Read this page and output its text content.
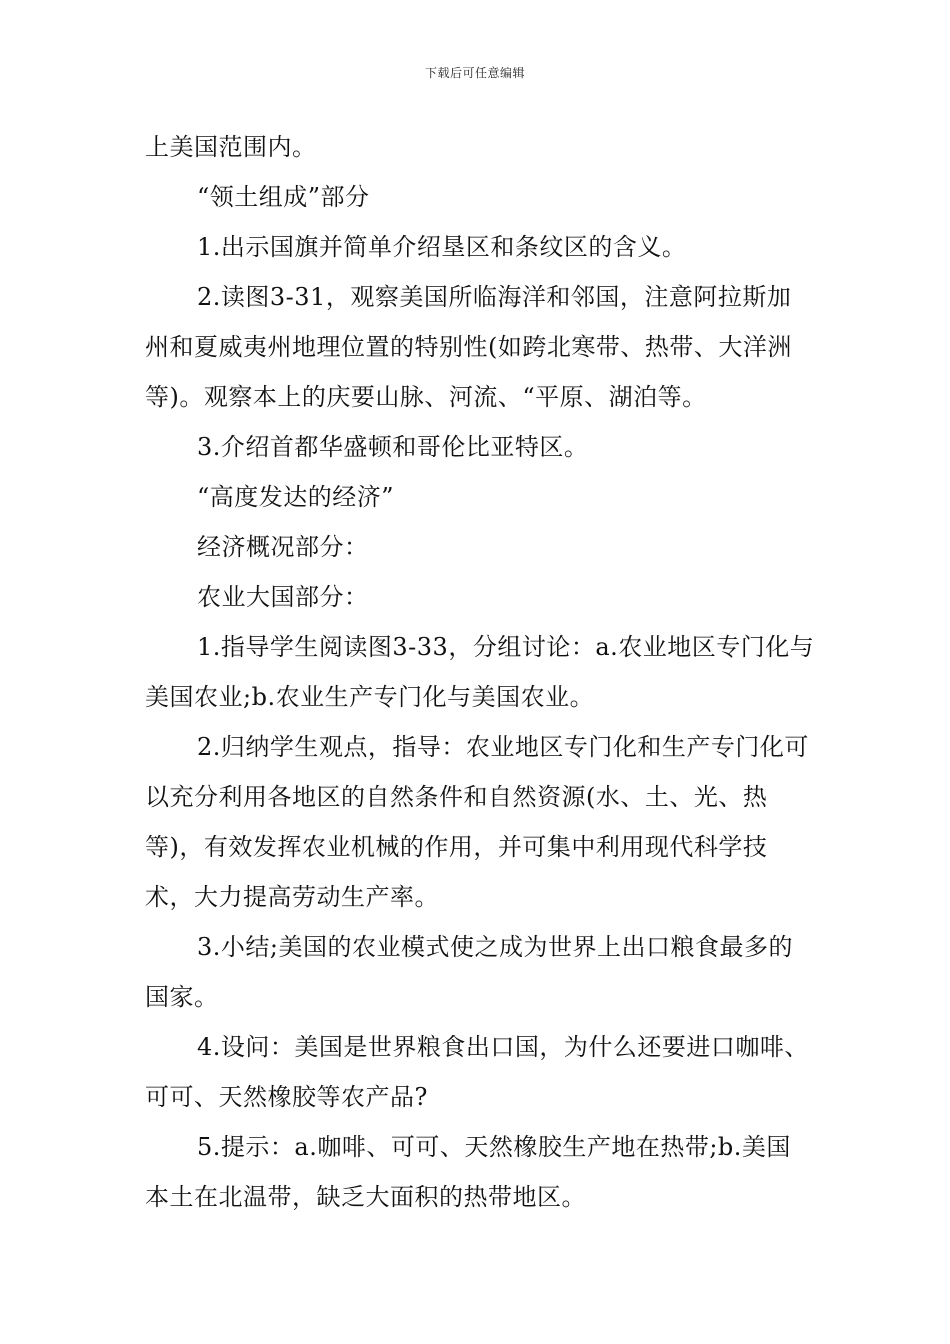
下载后可任意编辑

上美国范围内。

“领土组成”部分

1.出示国旗并简单介绍垦区和条纹区的含义。

2.读图3-31，观察美国所临海洋和邻国，注意阿拉斯加州和夏威夷州地理位置的特别性(如跨北寒带、热带、大洋洲等)。观察本上的庆要山脉、河流、“平原、湖泊等。

3.介绍首都华盛顿和哥伦比亚特区。

“高度发达的经济”

经济概况部分：

农业大国部分：

1.指导学生阅读图3-33，分组讨论：a.农业地区专门化与美国农业;b.农业生产专门化与美国农业。

2.归纳学生观点，指导：农业地区专门化和生产专门化可以充分利用各地区的自然条件和自然资源(水、土、光、热等)，有效发挥农业机械的作用，并可集中利用现代科学技术，大力提高劳动生产率。

3.小结;美国的农业模式使之成为世界上出口粮食最多的国家。

4.设问：美国是世界粮食出口国，为什么还要进口咖啡、可可、天然橡胶等农产品?

5.提示：a.咖啡、可可、天然橡胶生产地在热带;b.美国本土在北温带，缺乏大面积的热带地区。
